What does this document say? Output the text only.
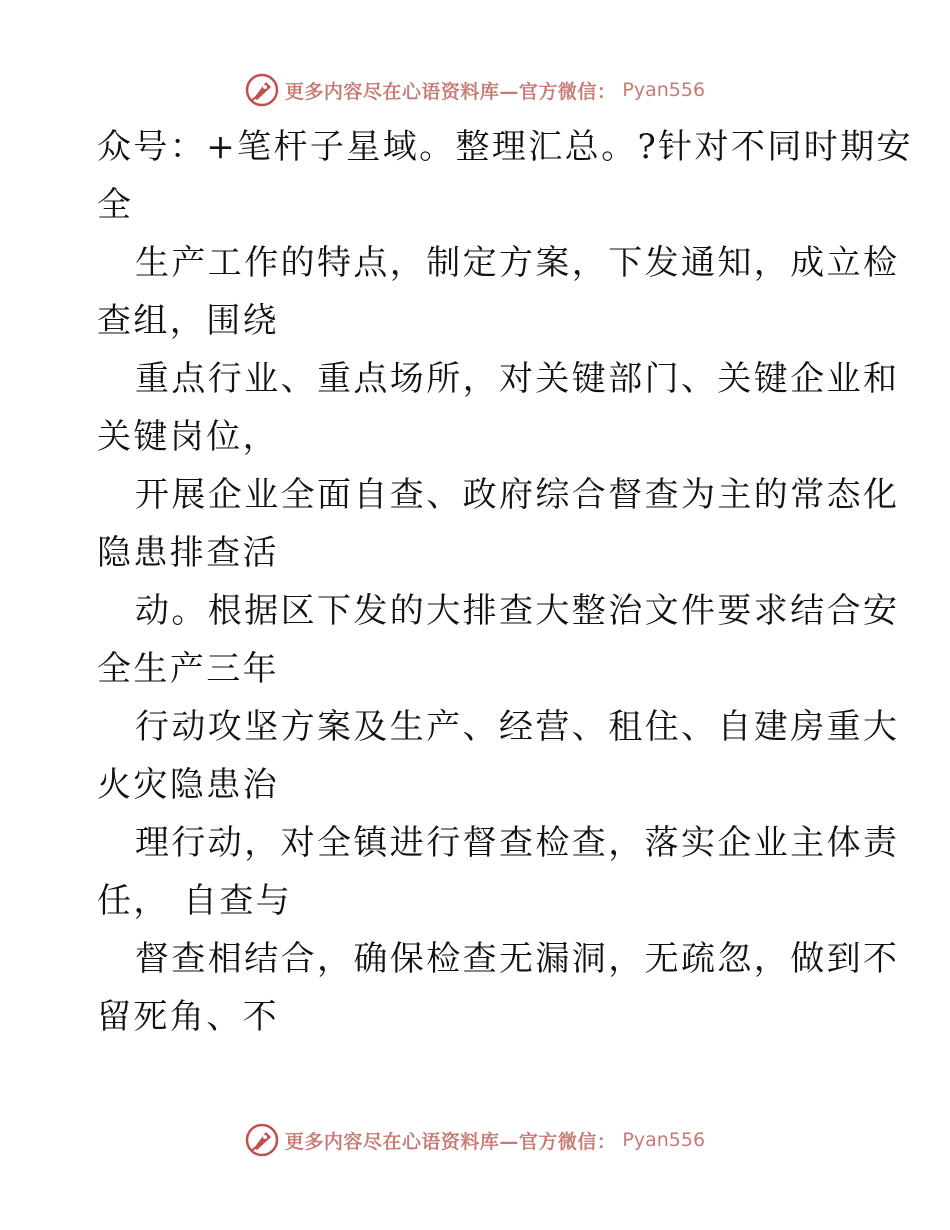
更多内容尽在心语资料库—官方微信： Pyan556
众号：+笔杆子星域。整理汇总。?针对不同时期安
全
生产工作的特点，制定方案，下发通知，成立检
查组，围绕
重点行业、重点场所，对关键部门、关键企业和
关键岗位，
开展企业全面自查、政府综合督查为主的常态化
隐患排查活
动。根据区下发的大排查大整治文件要求结合安
全生产三年
行动攻坚方案及生产、经营、租住、自建房重大
火灾隐患治
理行动，对全镇进行督查检查，落实企业主体责
任， 自查与
督查相结合，确保检查无漏洞，无疏忽，做到不
留死角、不
更多内容尽在心语资料库—官方微信： Pyan556
